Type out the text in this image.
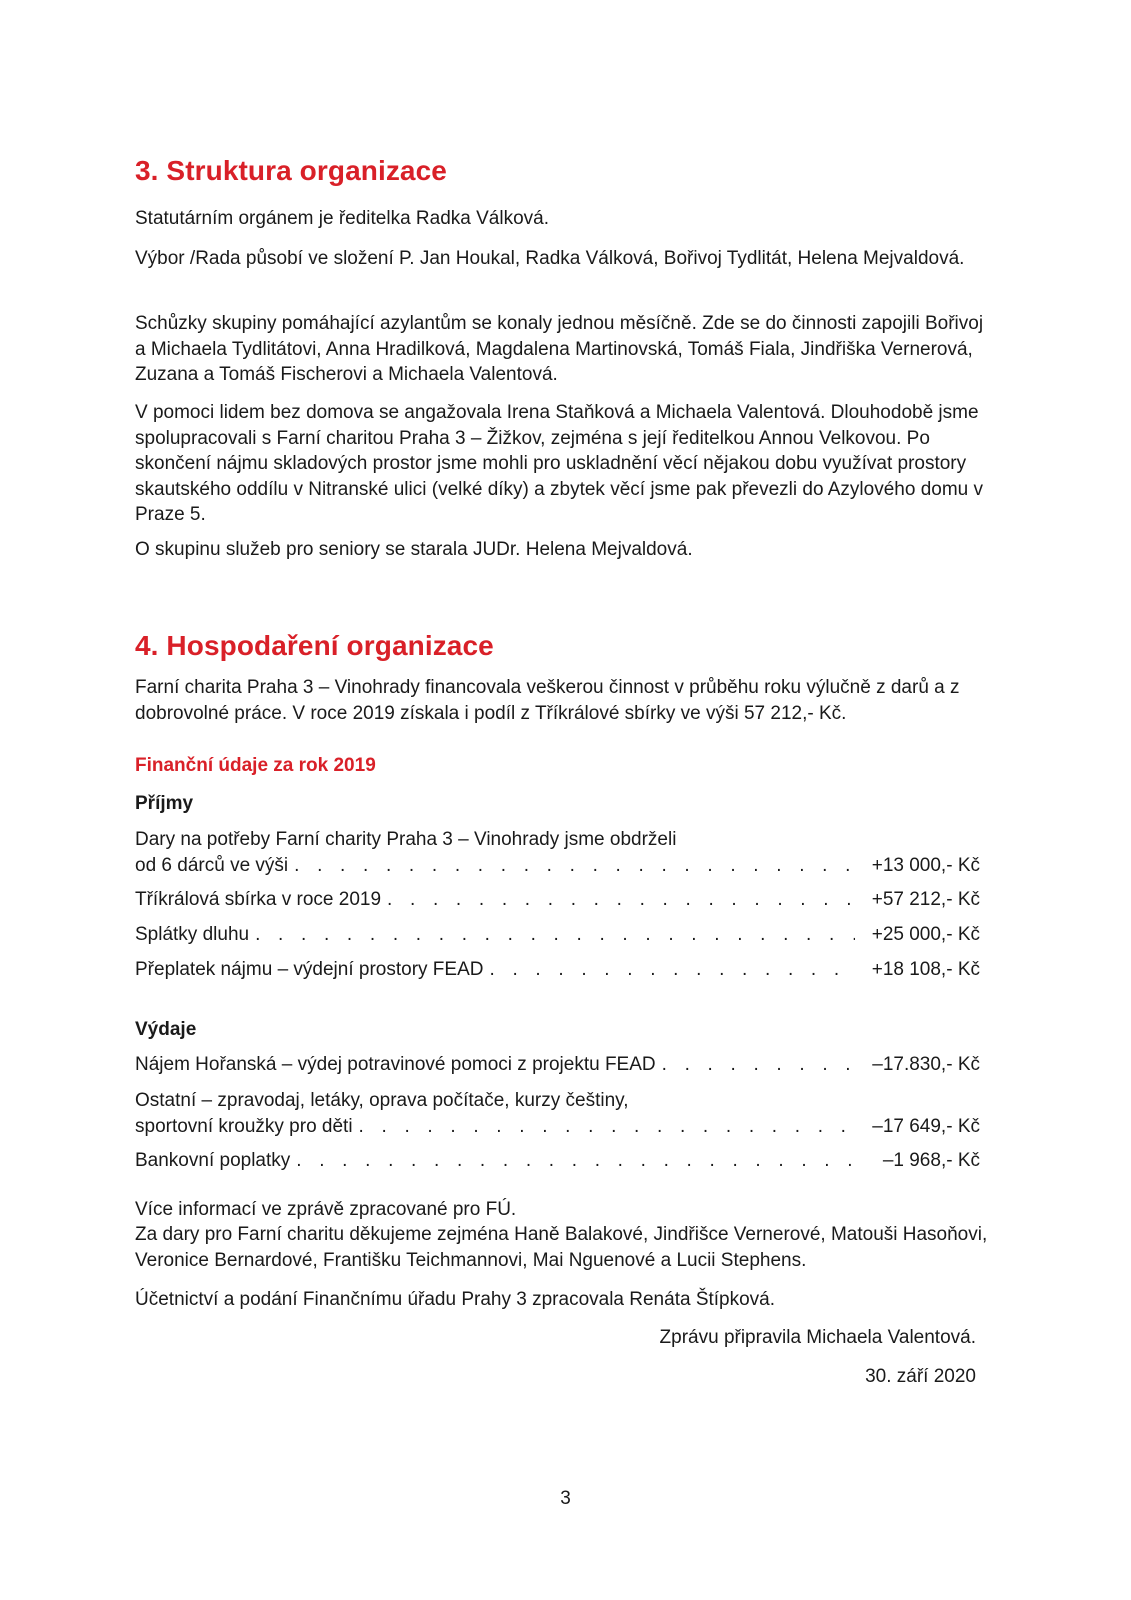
3. Struktura organizace

Statutárním orgánem je ředitelka Radka Válková.

Výbor /Rada působí ve složení P. Jan Houkal, Radka Válková, Bořivoj Tydlitát, Helena Mejvaldová.

Schůzky skupiny pomáhající azylantům se konaly jednou měsíčně. Zde se do činnosti zapojili Bořivoj a Michaela Tydlitátovi, Anna Hradilková, Magdalena Martinovská, Tomáš Fiala, Jindřiška Vernerová, Zuzana a Tomáš Fischerovi a Michaela Valentová.

V pomoci lidem bez domova se angažovala Irena Staňková a Michaela Valentová. Dlouhodobě jsme spolupracovali s Farní charitou Praha 3 – Žižkov, zejména s její ředitelkou Annou Velkovou. Po skončení nájmu skladových prostor jsme mohli pro uskladnění věcí nějakou dobu využívat prostory skautského oddílu v Nitranské ulici (velké díky) a zbytek věcí jsme pak převezli do Azylového domu v Praze 5.

O skupinu služeb pro seniory se starala JUDr. Helena Mejvaldová.

4. Hospodaření organizace

Farní charita Praha 3 – Vinohrady financovala veškerou činnost v průběhu roku výlučně z darů a z dobrovolné práce. V roce 2019 získala i podíl z Tříkrálové sbírky ve výši 57 212,- Kč.

Finanční údaje za rok 2019
Příjmy
Dary na potřeby Farní charity Praha 3 – Vinohrady jsme obdrželi
od 6 dárců ve výši . . .	+13 000,- Kč
Tříkrálová sbírka v roce 2019 . . .	+57 212,- Kč
Splátky dluhu . . .	+25 000,- Kč
Přeplatek nájmu – výdejní prostory FEAD . . .	+18 108,- Kč
Výdaje
Nájem Hořanská – výdej potravinové pomoci z projektu FEAD . . .	–17.830,- Kč
Ostatní – zpravodaj, letáky, oprava počítače, kurzy češtiny,
sportovní kroužky pro děti . . .	–17 649,- Kč
Bankovní poplatky . . .	–1 968,- Kč

Více informací ve zprávě zpracované pro FÚ.

Za dary pro Farní charitu děkujeme zejména Haně Balakové, Jindřišce Vernerové, Matouši Hasoňovi, Veronice Bernardové, Františku Teichmannovi, Mai Nguenové a Lucii Stephens.

Účetnictví a podání Finančnímu úřadu Prahy 3 zpracovala Renáta Štípková.

Zprávu připravila Michaela Valentová.
30. září 2020
3
